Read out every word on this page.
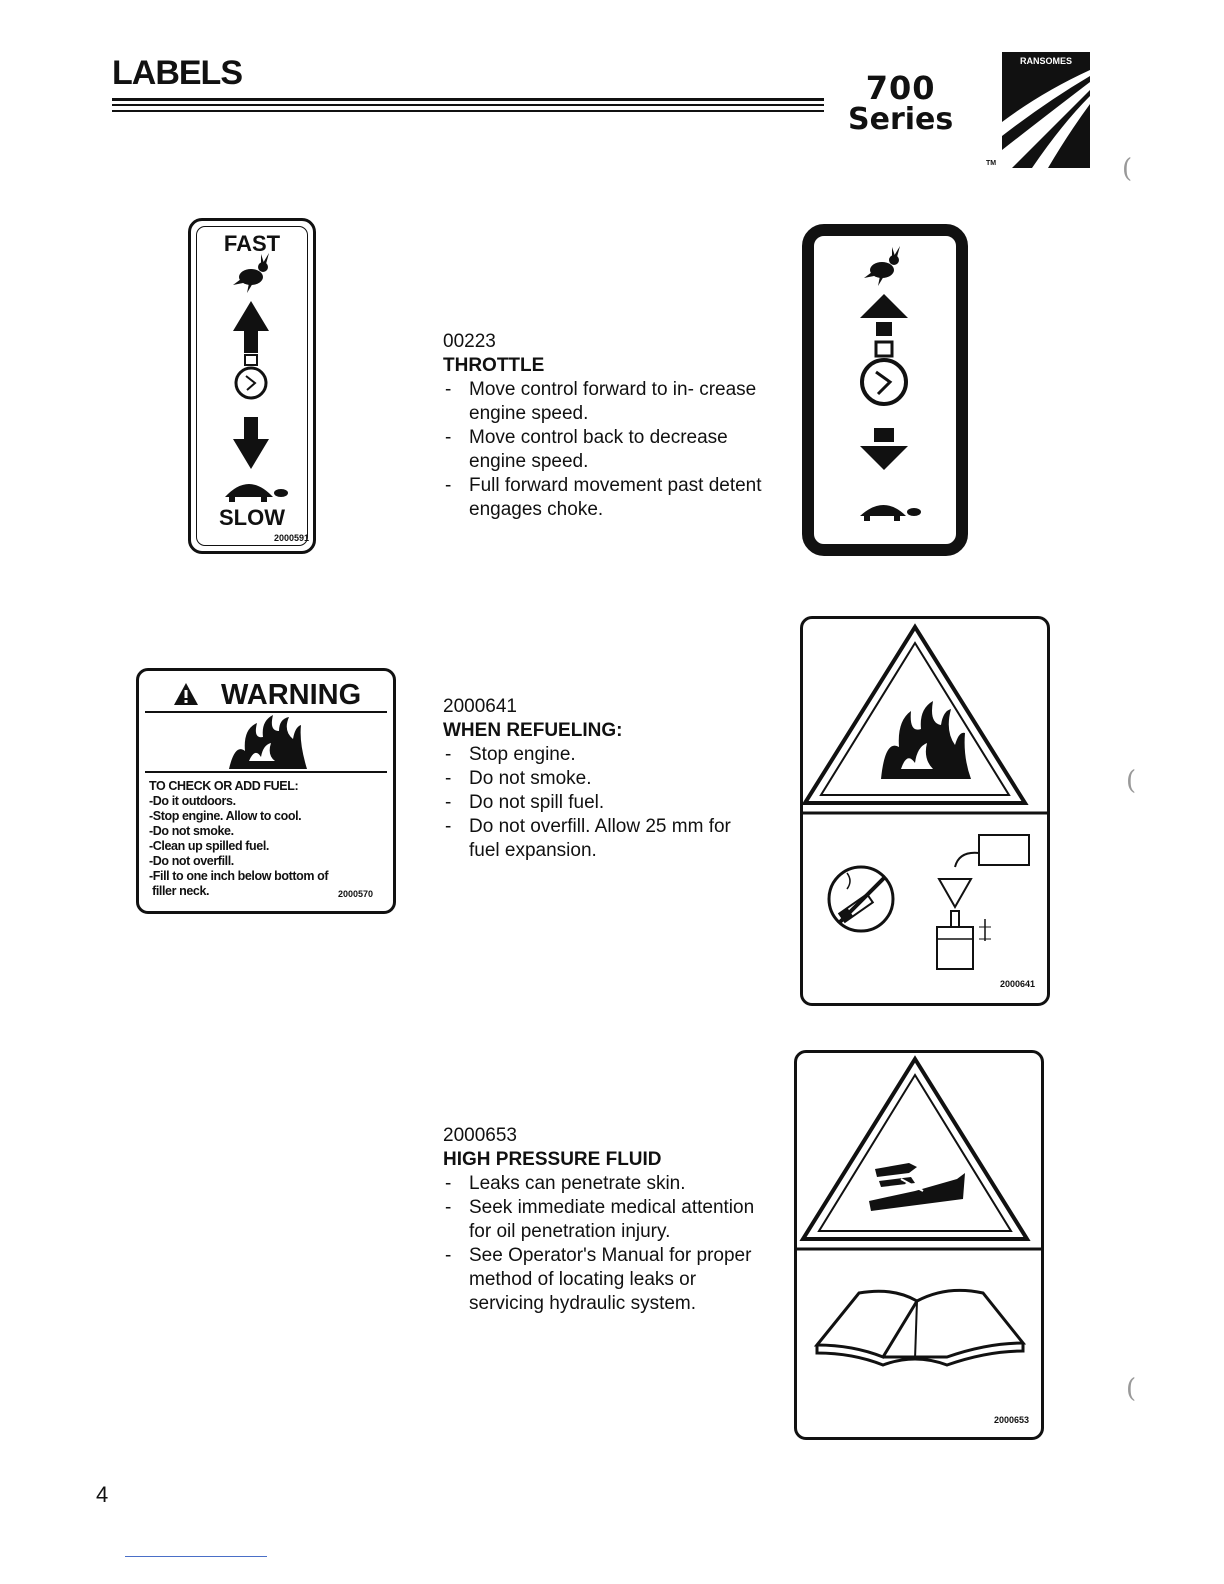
LABELS	700
Series
RANSOMES
TM	(
(
(
FAST
SLOW
2000591
00223
THROTTLE
- Move control forward to in- crease engine speed.
- Move control back to decrease engine speed.
- Full forward movement past detent engages choke.
WARNING
TO CHECK OR ADD FUEL:
-Do it outdoors.
-Stop engine. Allow to cool.
-Do not smoke.
-Clean up spilled fuel.
-Do not overfill.
-Fill to one inch below bottom of
filler neck.	2000570
2000641
WHEN REFUELING:
- Stop engine.
- Do not smoke.
- Do not spill fuel.
- Do not overfill. Allow 25 mm for fuel expansion.
2000641
2000653
HIGH PRESSURE FLUID
- Leaks can penetrate skin.
- Seek immediate medical attention for oil penetration injury.
- See Operator's Manual for proper method of locating leaks or servicing hydraulic system.
2000653
4
